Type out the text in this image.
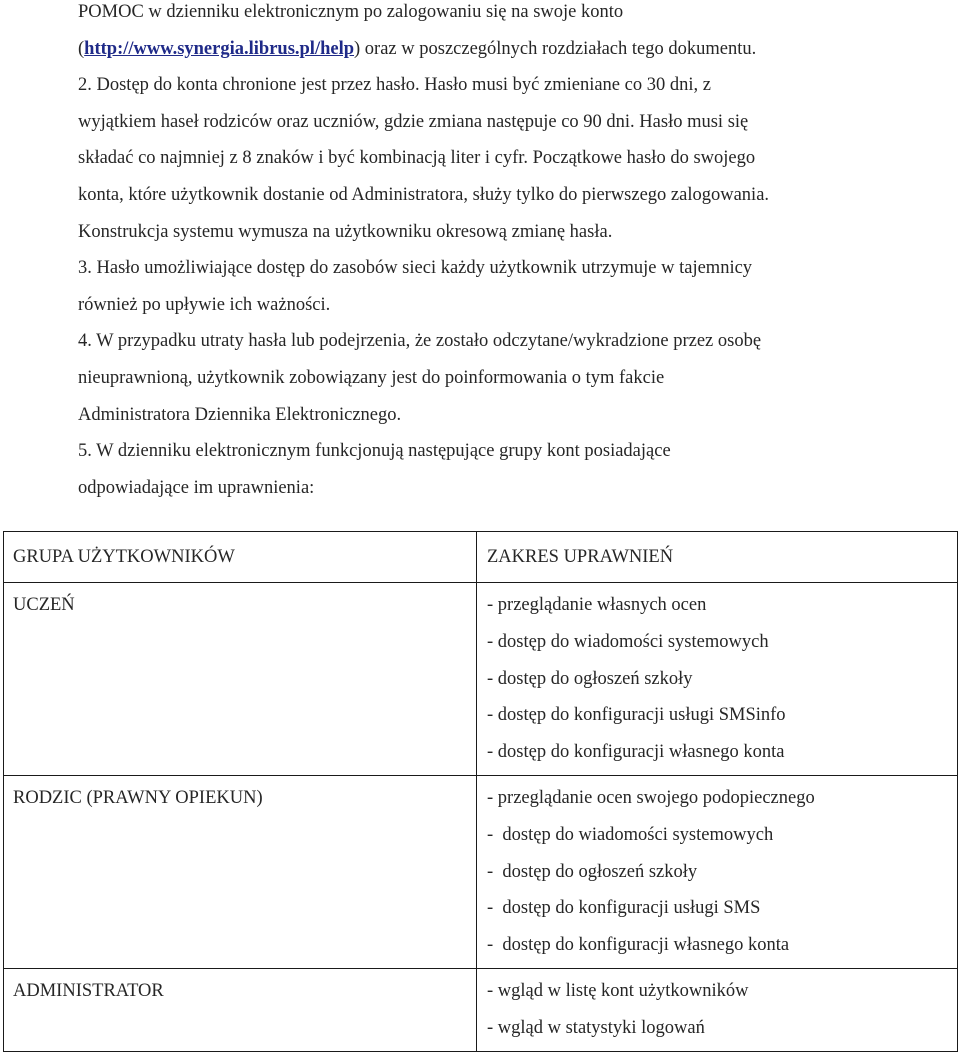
POMOC w dzienniku elektronicznym po zalogowaniu się na swoje konto
(http://www.synergia.librus.pl/help) oraz w poszczególnych rozdziałach tego dokumentu.
2. Dostęp do konta chronione jest przez hasło. Hasło musi być zmieniane co 30 dni, z
wyjątkiem haseł rodziców oraz uczniów, gdzie zmiana następuje co 90 dni. Hasło musi się
składać co najmniej z 8 znaków i być kombinacją liter i cyfr. Początkowe hasło do swojego
konta, które użytkownik dostanie od Administratora, służy tylko do pierwszego zalogowania.
Konstrukcja systemu wymusza na użytkowniku okresową zmianę hasła.
3. Hasło umożliwiające dostęp do zasobów sieci każdy użytkownik utrzymuje w tajemnicy
również po upływie ich ważności.
4. W przypadku utraty hasła lub podejrzenia, że zostało odczytane/wykradzione przez osobę
nieuprawnioną, użytkownik zobowiązany jest do poinformowania o tym fakcie
Administratora Dziennika Elektronicznego.
5. W dzienniku elektronicznym funkcjonują następujące grupy kont posiadające
odpowiadające im uprawnienia:
GRUPA UŻYTKOWNIKÓW	ZAKRES UPRAWNIEŃ

UCZEŃ	- przeglądanie własnych ocen
- dostęp do wiadomości systemowych
- dostęp do ogłoszeń szkoły
- dostęp do konfiguracji usługi SMSinfo
- dostęp do konfiguracji własnego konta

RODZIC (PRAWNY OPIEKUN)	- przeglądanie ocen swojego podopiecznego
-  dostęp do wiadomości systemowych
-  dostęp do ogłoszeń szkoły
-  dostęp do konfiguracji usługi SMS
-  dostęp do konfiguracji własnego konta

ADMINISTRATOR	- wgląd w listę kont użytkowników
- wgląd w statystyki logowań
